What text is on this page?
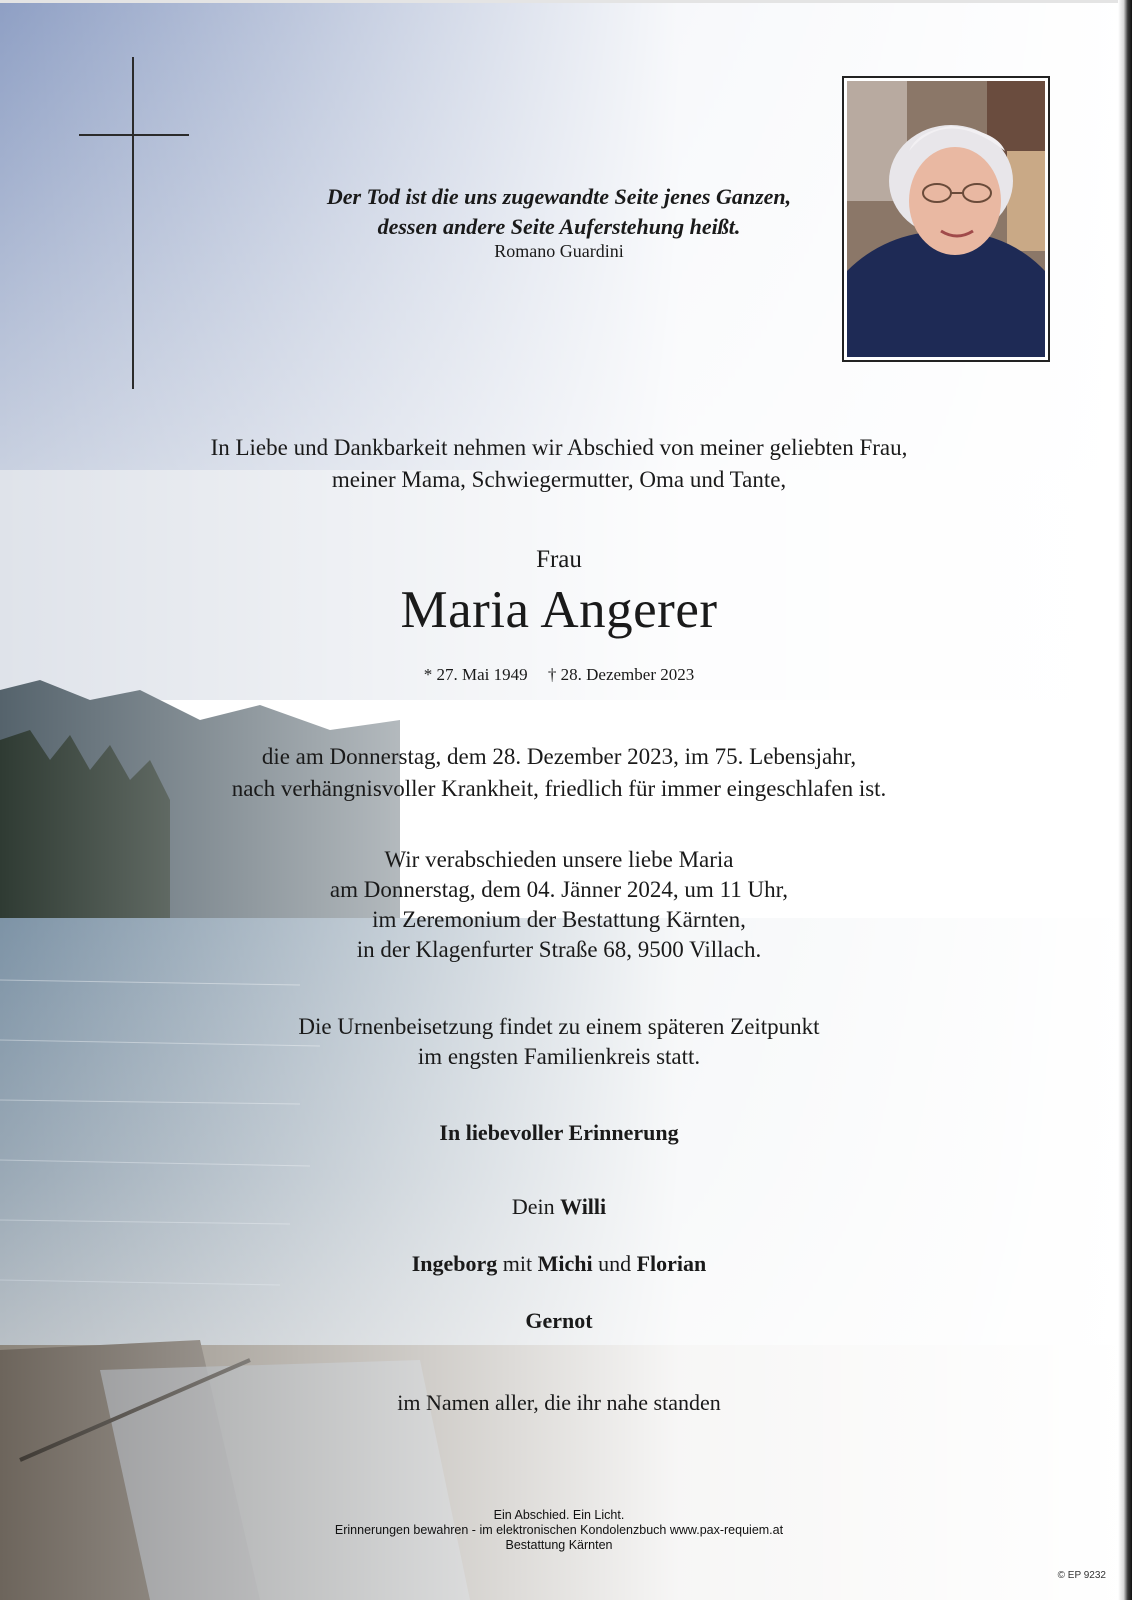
Der Tod ist die uns zugewandte Seite jenes Ganzen,
dessen andere Seite Auferstehung heißt.
Romano Guardini
In Liebe und Dankbarkeit nehmen wir Abschied von meiner geliebten Frau,
meiner Mama, Schwiegermutter, Oma und Tante,
Frau
Maria Angerer
* 27. Mai 1949 † 28. Dezember 2023
die am Donnerstag, dem 28. Dezember 2023, im 75. Lebensjahr,
nach verhängnisvoller Krankheit, friedlich für immer eingeschlafen ist.
Wir verabschieden unsere liebe Maria
am Donnerstag, dem 04. Jänner 2024, um 11 Uhr,
im Zeremonium der Bestattung Kärnten,
in der Klagenfurter Straße 68, 9500 Villach.
Die Urnenbeisetzung findet zu einem späteren Zeitpunkt
im engsten Familienkreis statt.
In liebevoller Erinnerung
Dein Willi
Ingeborg mit Michi und Florian
Gernot
im Namen aller, die ihr nahe standen
Ein Abschied. Ein Licht.
Erinnerungen bewahren - im elektronischen Kondolenzbuch www.pax-requiem.at
Bestattung Kärnten
© EP 9232
